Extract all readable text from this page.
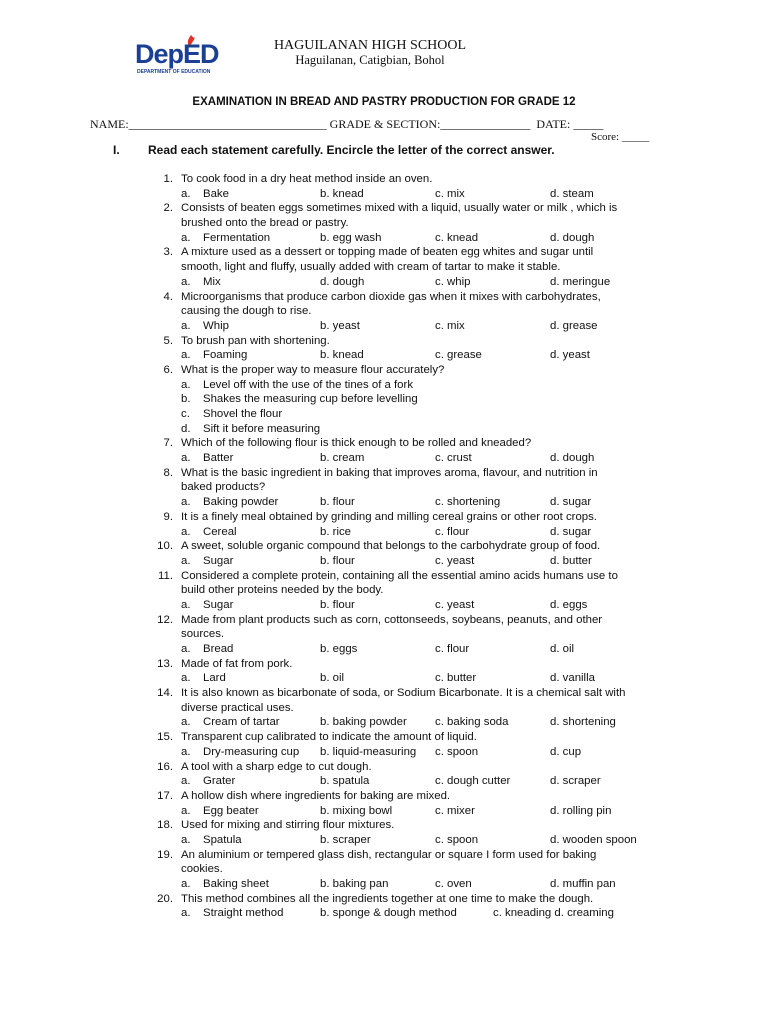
DepED
DEPARTMENT OF EDUCATION
HAGUILANAN HIGH SCHOOL
Haguilanan, Catigbian, Bohol
EXAMINATION IN BREAD AND PASTRY PRODUCTION FOR GRADE 12
NAME:_________________________________ GRADE & SECTION:_______________  DATE: _____
Score: _____
I. Read each statement carefully. Encircle the letter of the correct answer.
1. To cook food in a dry heat method inside an oven.
a. Bake	b. knead	c. mix	d. steam
2. Consists of beaten eggs sometimes mixed with a liquid, usually water or milk , which is
brushed onto the bread or pastry.
a. Fermentation	b. egg wash	c. knead	d. dough
3. A mixture used as a dessert or topping made of beaten egg whites and sugar until
smooth, light and fluffy, usually added with cream of tartar to make it stable.
a. Mix	d. dough	c. whip	d. meringue
4. Microorganisms that produce carbon dioxide gas when it mixes with carbohydrates,
causing the dough to rise.
a. Whip	b. yeast	c. mix	d. grease
5. To brush pan with shortening.
a. Foaming	b. knead	c. grease	d. yeast
6. What is the proper way to measure flour accurately?
a. Level off with the use of the tines of a fork
b. Shakes the measuring cup before levelling
c. Shovel the flour
d. Sift it before measuring
7. Which of the following flour is thick enough to be rolled and kneaded?
a. Batter	b. cream	c. crust	d. dough
8. What is the basic ingredient in baking that improves aroma, flavour, and nutrition in
baked products?
a. Baking powder	b. flour	c. shortening	d. sugar
9. It is a finely meal obtained by grinding and milling cereal grains or other root crops.
a. Cereal	b. rice	c. flour	d. sugar
10. A sweet, soluble organic compound that belongs to the carbohydrate group of food.
a. Sugar	b. flour	c. yeast	d. butter
11. Considered a complete protein, containing all the essential amino acids humans use to
build other proteins needed by the body.
a. Sugar	b. flour	c. yeast	d. eggs
12. Made from plant products such as corn, cottonseeds, soybeans, peanuts, and other
sources.
a. Bread	b. eggs	c. flour	d. oil
13. Made of fat from pork.
a. Lard	b. oil	c. butter	d. vanilla
14. It is also known as bicarbonate of soda, or Sodium Bicarbonate. It is a chemical salt with
diverse practical uses.
a. Cream of tartar	b. baking powder c. baking soda	d. shortening
15. Transparent cup calibrated to indicate the amount of liquid.
a. Dry-measuring cup b. liquid-measuring c. spoon	d. cup
16. A tool with a sharp edge to cut dough.
a. Grater	b. spatula	c. dough cutter	d. scraper
17. A hollow dish where ingredients for baking are mixed.
a. Egg beater	b. mixing bowl	c. mixer	d. rolling pin
18. Used for mixing and stirring flour mixtures.
a. Spatula	b. scraper	c. spoon	d. wooden spoon
19. An aluminium or tempered glass dish, rectangular or square I form used for baking
cookies.
a. Baking sheet	b. baking pan	c. oven	d. muffin pan
20. This method combines all the ingredients together at one time to make the dough.
a. Straight method	b. sponge & dough method	c. kneading d. creaming
